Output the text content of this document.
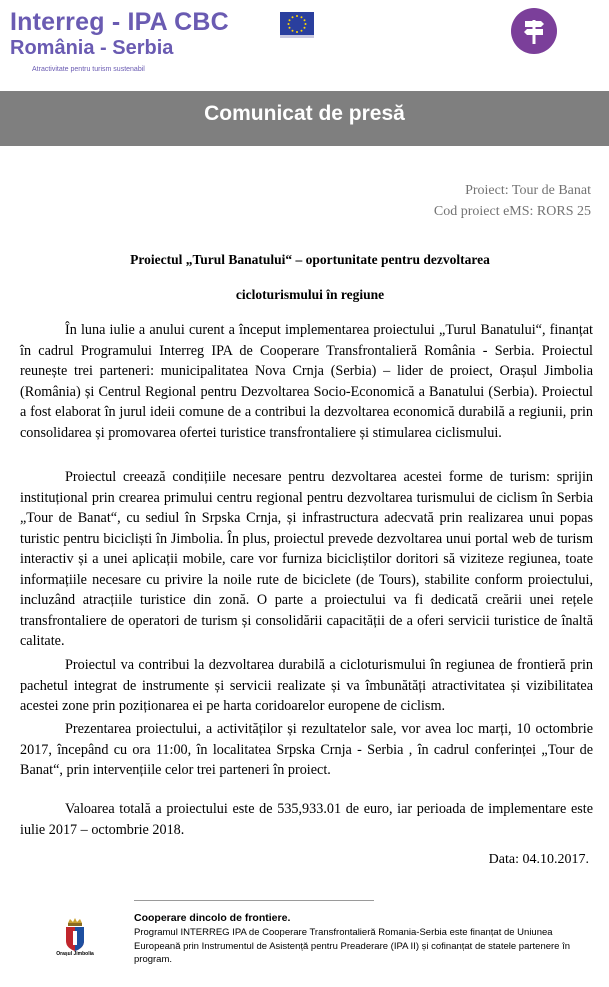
Interreg - IPA CBC
România - Serbia
Atractivitate pentru turism sustenabil
Comunicat de presă
Proiect: Tour de Banat
Cod proiect eMS: RORS 25
Proiectul „Turul Banatului“ – oportunitate pentru dezvoltarea
cicloturismului în regiune

În luna iulie a anului curent a început implementarea proiectului „Turul Banatului“, finanțat în cadrul Programului Interreg IPA de Cooperare Transfrontalieră România - Serbia. Proiectul reunește trei parteneri: municipalitatea Nova Crnja (Serbia) – lider de proiect, Orașul Jimbolia (România) și Centrul Regional pentru Dezvoltarea Socio-Economică a Banatului (Serbia). Proiectul a fost elaborat în jurul ideii comune de a contribui la dezvoltarea economică durabilă a regiunii, prin consolidarea și promovarea ofertei turistice transfrontaliere și stimularea ciclismului.

Proiectul creează condițiile necesare pentru dezvoltarea acestei forme de turism: sprijin instituțional prin crearea primului centru regional pentru dezvoltarea turismului de ciclism în Serbia „Tour de Banat“, cu sediul în Srpska Crnja, și infrastructura adecvată prin realizarea unui popas turistic pentru bicicliști în Jimbolia. În plus, proiectul prevede dezvoltarea unui portal web de turism interactiv și a unei aplicații mobile, care vor furniza bicicliștilor doritori să viziteze regiunea, toate informațiile necesare cu privire la noile rute de biciclete (de Tours), stabilite conform proiectului, incluzând atracțiile turistice din zonă. O parte a proiectului va fi dedicată creării unei rețele transfrontaliere de operatori de turism și consolidării capacității de a oferi servicii turistice de înaltă calitate.

Proiectul va contribui la dezvoltarea durabilă a cicloturismului în regiunea de frontieră prin pachetul integrat de instrumente și servicii realizate și va îmbunătăți atractivitatea și vizibilitatea acestei zone prin poziționarea ei pe harta coridoarelor europene de ciclism.

Prezentarea proiectului, a activităților și rezultatelor sale, vor avea loc marți, 10 octombrie 2017, începând cu ora 11:00, în localitatea Srpska Crnja - Serbia , în cadrul conferinței „Tour de Banat“, prin intervențiile celor trei parteneri în proiect.

Valoarea totală a proiectului este de 535,933.01 de euro, iar perioada de implementare este iulie 2017 – octombrie 2018.

Data: 04.10.2017.
Orașul Jimbolia
Cooperare dincolo de frontiere.
Programul INTERREG IPA de Cooperare Transfrontalieră Romania-Serbia este finanțat de Uniunea Europeană prin Instrumentul de Asistență pentru Preaderare (IPA II) și cofinanțat de statele partenere în program.
